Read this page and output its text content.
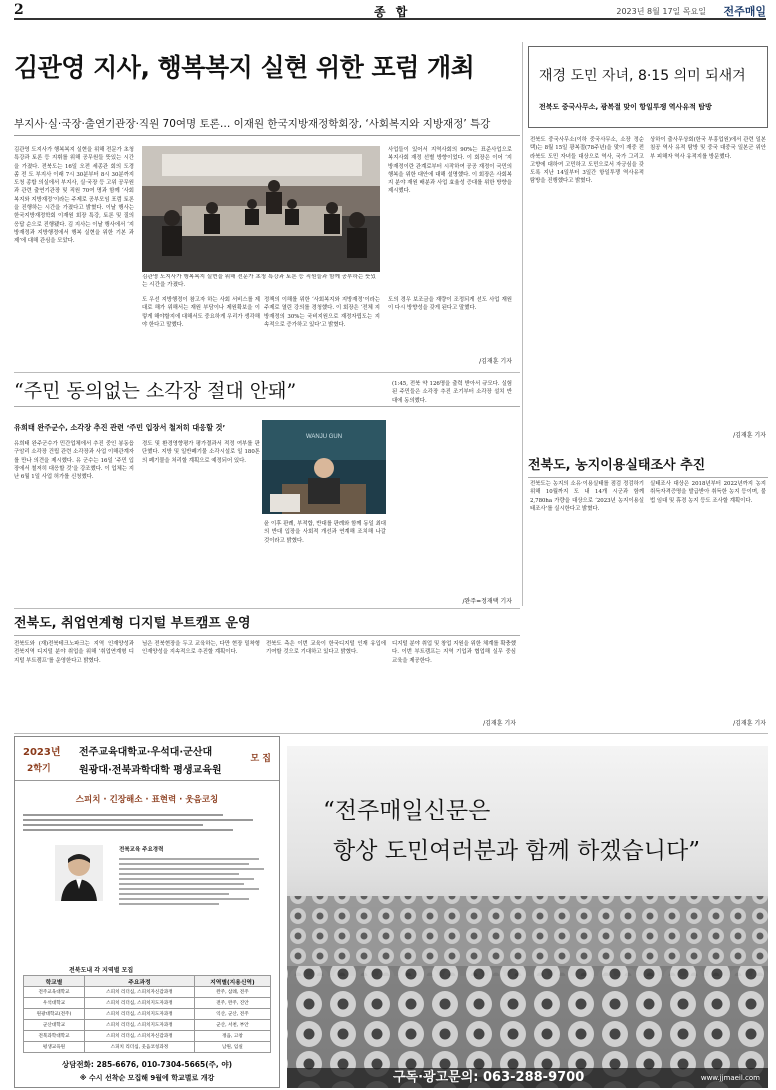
2	종 합	2023년 8월 17일 목요일 전주매일
김관영 지사, 행복복지 실현 위한 포럼 개최
부지사·실·국장·출연기관장·직원 70여명 토론… 이재원 한국지방재정학회장, ‘사회복지와 지방재정’ 특강
김관영 도지사가 행복복지 실현을 위해 전문가 초청 특강과 토론 등 지휘를 위해 공무원들 뜻있는 시간을 가졌다. 전북도는 16일 오전 세종관 회의 도경 좀 전 도 부지사 이래 7시 30분부터 8시 30분까지 도청 종합 의실에서 부지사, 실·국장 등 고위 공무원과 관련 출연기관장 및 직원 70여 명과 함께 ‘사회복지와 지방재정’이라는 주제로 공부모임 포럼 토론을 진행하는 시간을 가졌다고 밝혔다. 이날 행사는 한국지방재정학회 이재원 회장 특강, 토론 및 질의 응답 순으로 진행됐다. 김 지사는 이날 행사에서 ‘지방재정과 지방행정에서 행복 실현을 위한 기본 과제’에 대해 관심을 모았다.
김관영 도지사가 행복복지 실현을 위해 전문가 초청 특강과 토론 등 직원들과 함께 공부하는 뜻있는 시간을 가졌다.
사업들이 있어서 지역사회의 90%는 표준사업으로 복지사회 재정 선별 방향이었다. 이 회장은 이어 ‘지방재정이란 관계로부터 시작하여 공공 재정이 국민의 행복을 위한 대안에 대해 설명했다. 이 회장은 사회복지 분야 재원 배분과 사업 효율성 증대를 위한 방향을 제시했다.
도 우선 지방행정이 참고자 하는 사회 서비스를 제대로 해가 위해서는 재원 부담이나 제원확보을 이렇게 해야할지에 대해서도 중요하게 우리가 생각해야 한다고 말했다.
정책의 이해를 위한 ‘사회복지와 지방재정’이라는 주제로 열린 강의를 경청했다. 이 회장은 ‘전체 지방재정의 30%는 국비지원으로 재정자립도는 지속적으로 증가하고 있다’고 밝혔다.
도의 경우 보조금을 재량이 조정되게 선도 사업 재원이 다시 방향성을 갖게 된다고 말했다.
/김재훈 기자
재경 도민 자녀, 8·15 의미 되새겨
전북도 중국사무소, 광복절 맞이 항일투쟁 역사유적 탐방
전북도 중국사무소(이하 중국사무소, 소장 정순택)는 8월 15일 광복절(78주년)을 맞이 재중 전라북도 도민 자녀들 대상으로 역사, 국가 그리고 고향에 대하여 고민하고 도민으로서 자긍심을 갖도록 지난 14일부터 3일간 항일투쟁 역사유적 탐방을 진행했다고 밝혔다.
상하이 출사무상회(한국 부흥업원)에서 관련 일본 침공 역사 유적 탐방 및 중국 대중국 일본군 위안부 피해자 역사 유적지를 방문했다.
/김재훈 기자
“주민 동의없는 소각장 절대 안돼”
유희태 완주군수, 소각장 추진 관련 ‘주민 입장서 철저히 대응할 것’
유희태 완주군수가 민간업체에서 추진 중인 봉동읍 구암리 소각장 건립 관련 소각장과 사업 이해관계자를 만나 의견을 제시했다. 유 군수는 16일 ‘주민 입장에서 철저히 대응할 것’을 강조했다. 이 업체는 지난 6월 1일 사업 허가를 신청했다.
경도 및 환경영향평가 평가결과서 적정 여부를 판단했다. 지방 및 일반폐기물 소각시설로 일 180톤의 폐기물을 처리할 계획으로 예정되어 있다.
WANJU GUN
윤 이후 판례, 부적합, 반대를 판례와 함께 동일 최대의 반대 입장을 사회적 개선과 연계해 조치해 나갈 것이라고 밝혔다.
(1:45, 전북 약 126명을 출력 받아서 규모다. 실험된 주민들은 소각장 추진 조기부터 소각장 설치 반대에 동의했다.
/완주=정재택 기자
전북도, 농지이용실태조사 추진
전북도는 농지의 소유·이용실태를 점검 정검하기 위해 10월까지 도 내 14개 시군과 함께 2,780ha 가량을 대상으로 ‘2023년 농지이용실태조사’를 실시한다고 밝혔다.
실태조사 대상은 2018년부터 2022년까지 농지취득자격증명을 발급받아 취득한 농지 등이며, 불법 임대 및 휴경 농지 등도 조사할 계획이다.
/김재훈 기자
전북도, 취업연계형 디지털 부트캠프 운영
전북도와 (재)전북테크노파크는 지역 인재양성과 전북지역 디지털 분야 취업을 위해 ‘취업연계형 디지털 부트캠프’를 운영한다고 밝혔다.
님은 전북현장을 두고 교육하는, 다만 현장 밀착형 인재양성을 지속적으로 추진할 계획이다.
전북도 측은 이번 교육이 한국디지털 인재 유입에 기여할 것으로 기대하고 있다고 밝혔다.
디지털 분야 취업 및 창업 지원을 위한 체계를 확충했다. 이번 부트캠프는 지역 기업과 협업해 실무 중심 교육을 제공한다.
/김재훈 기자
2023년
2학기
전주교육대학교·우석대·군산대
원광대·전북과학대학 평생교육원
모 집
스피치 · 긴장해소 · 표현력 · 웃음코칭
전북교육 주요경력
전북도내 각 지역별 모집
학교별	주요과정	지역별(지용신역)
전주교육대학교	스피치 리더십, 스피치자신감과정	완주, 삼례, 전주
우석대학교	스피치 리더십, 스피치지도자과정	전주, 완주, 진안
원광대학교(전주)	스피치 리더십, 스피치지도자과정	익산, 군산, 전주
군산대학교	스피치 리더십, 스피치지도자과정	군산, 서천, 부안
전북과학대학교	스피치 리더십, 스피치자신감과정	정읍, 고창
평생교육원	스피치 리더십, 웃음코칭과정	남원, 임실
상담전화: 285-6676, 010-7304-5665(주, 야)
※ 수시 선착순 모집해 9월에 학교별로 개강
“전주매일신문은
항상 도민여러분과 함께 하겠습니다”
구독·광고문의: 063-288-9700	www.jjmaeil.com
